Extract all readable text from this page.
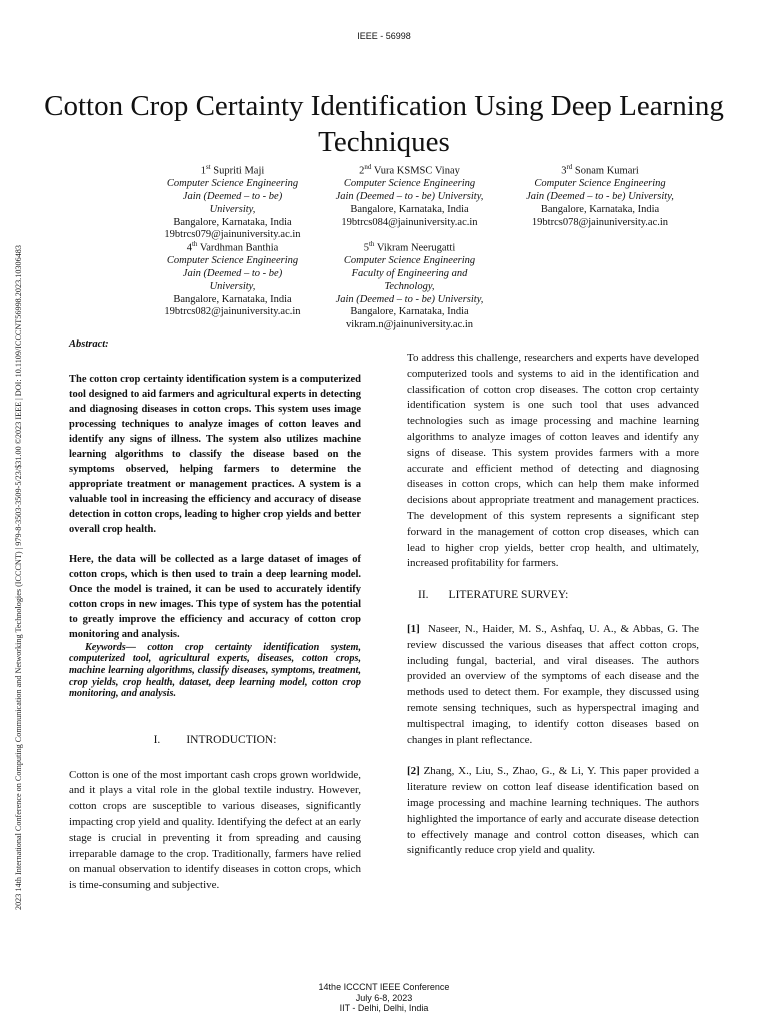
IEEE - 56998
2023 14th International Conference on Computing Communication and Networking Technologies (ICCCNT) | 979-8-3503-3509-5/23/$31.00 ©2023 IEEE | DOI: 10.1109/ICCCNT56998.2023.10306483
Cotton Crop Certainty Identification Using Deep Learning Techniques
1st Supriti Maji
Computer Science Engineering
Jain (Deemed – to - be) University,
Bangalore, Karnataka, India
19btrcs079@jainuniversity.ac.in
2nd Vura KSMSC Vinay
Computer Science Engineering
Jain (Deemed – to - be) University,
Bangalore, Karnataka, India
19btrcs084@jainuniversity.ac.in
3rd Sonam Kumari
Computer Science Engineering
Jain (Deemed – to - be) University,
Bangalore, Karnataka, India
19btrcs078@jainuniversity.ac.in
4th Vardhman Banthia
Computer Science Engineering
Jain (Deemed – to - be) University,
Bangalore, Karnataka, India
19btrcs082@jainuniversity.ac.in
5th Vikram Neerugatti
Computer Science Engineering
Faculty of Engineering and Technology,
Jain (Deemed – to - be) University,
Bangalore, Karnataka, India
vikram.n@jainuniversity.ac.in
Abstract:

The cotton crop certainty identification system is a computerized tool designed to aid farmers and agricultural experts in detecting and diagnosing diseases in cotton crops. This system uses image processing techniques to analyze images of cotton leaves and identify any signs of illness. The system also utilizes machine learning algorithms to classify the disease based on the symptoms observed, helping farmers to determine the appropriate treatment or management practices. A system is a valuable tool in increasing the efficiency and accuracy of disease detection in cotton crops, leading to higher crop yields and better overall crop health.

Here, the data will be collected as a large dataset of images of cotton crops, which is then used to train a deep learning model. Once the model is trained, it can be used to accurately identify cotton crops in new images. This type of system has the potential to greatly improve the efficiency and accuracy of cotton crop monitoring and analysis.

Keywords— cotton crop certainty identification system, computerized tool, agricultural experts, diseases, cotton crops, machine learning algorithms, classify diseases, symptoms, treatment, crop yields, crop health, dataset, deep learning model, cotton crop monitoring, and analysis.

I. INTRODUCTION:

Cotton is one of the most important cash crops grown worldwide, and it plays a vital role in the global textile industry. However, cotton crops are susceptible to various diseases, significantly impacting crop yield and quality. Identifying the defect at an early stage is crucial in preventing it from spreading and causing irreparable damage to the crop. Traditionally, farmers have relied on manual observation to identify diseases in cotton crops, which is time-consuming and subjective.

To address this challenge, researchers and experts have developed computerized tools and systems to aid in the identification and classification of cotton crop diseases. The cotton crop certainty identification system is one such tool that uses advanced technologies such as image processing and machine learning algorithms to analyze images of cotton leaves and identify any signs of disease. This system provides farmers with a more accurate and efficient method of detecting and diagnosing diseases in cotton crops, which can help them make informed decisions about appropriate treatment and management practices. The development of this system represents a significant step forward in the management of cotton crop diseases, which can lead to higher crop yields, better crop health, and ultimately, increased profitability for farmers.

II. LITERATURE SURVEY:

[1] Naseer, N., Haider, M. S., Ashfaq, U. A., & Abbas, G. The review discussed the various diseases that affect cotton crops, including fungal, bacterial, and viral diseases. The authors provided an overview of the symptoms of each disease and the methods used to detect them. For example, they discussed using remote sensing techniques, such as hyperspectral imaging and multispectral imaging, to identify cotton diseases based on changes in plant reflectance.

[2] Zhang, X., Liu, S., Zhao, G., & Li, Y. This paper provided a literature review on cotton leaf disease identification based on image processing and machine learning techniques. The authors highlighted the importance of early and accurate disease detection to effectively manage and control cotton diseases, which can significantly reduce crop yield and quality.

14the ICCCNT IEEE Conference
July 6-8, 2023
IIT - Delhi, Delhi, India
